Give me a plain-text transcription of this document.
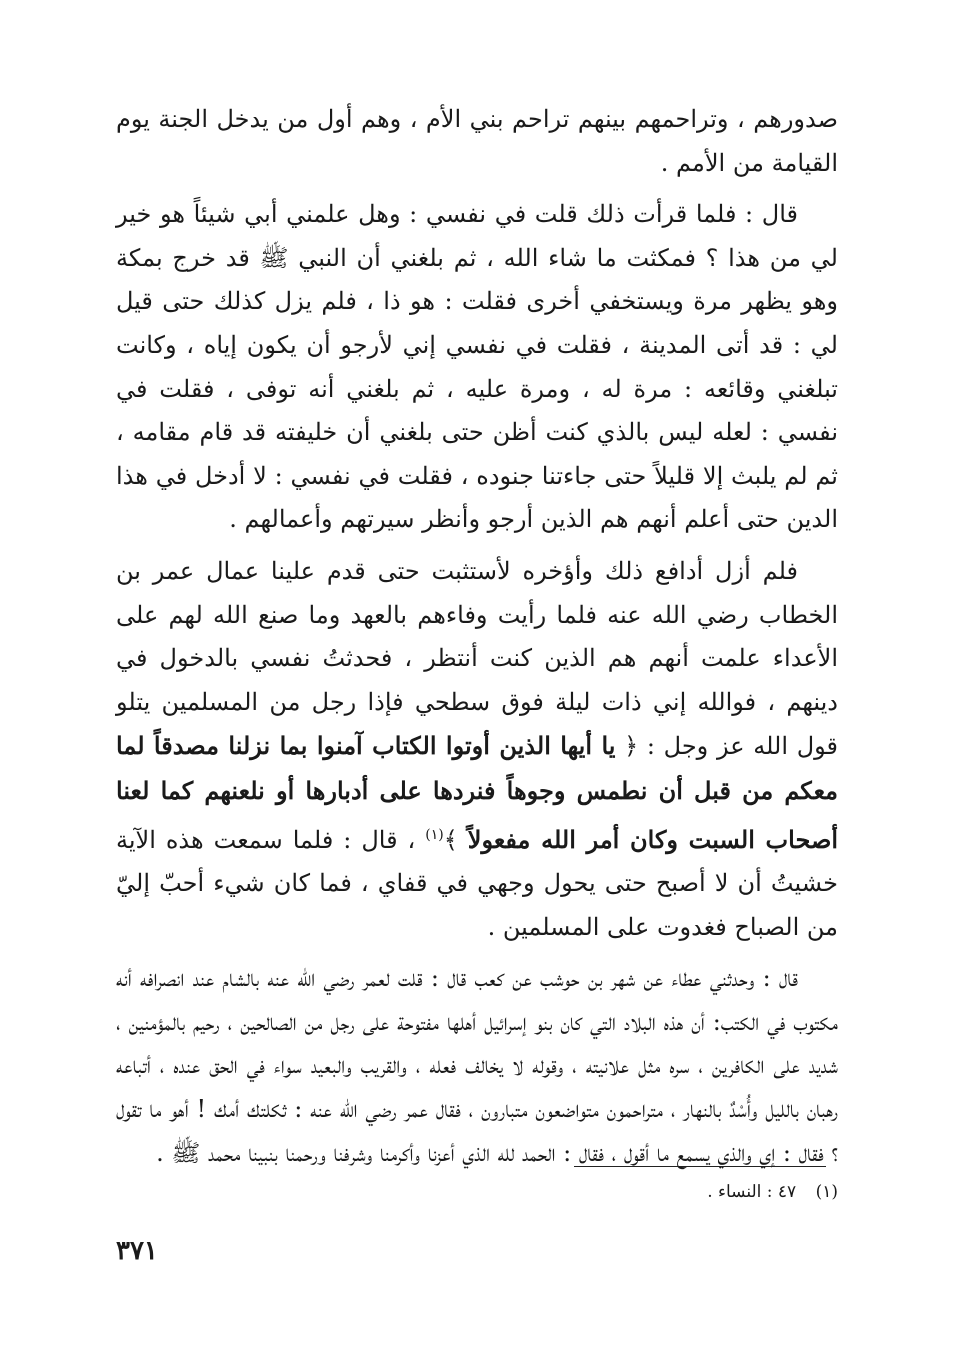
صدورهم ، وتراحمهم بينهم تراحم بني الأم ، وهم أول من يدخل الجنة يوم القيامة من الأمم .

قال : فلما قرأت ذلك قلت في نفسي : وهل علمني أبي شيئاً هو خير لي من هذا ؟ فمكثت ما شاء الله ، ثم بلغني أن النبي ﷺ قد خرج بمكة وهو يظهر مرة ويستخفي أخرى فقلت : هو ذا ، فلم يزل كذلك حتى قيل لي : قد أتى المدينة ، فقلت في نفسي إني لأرجو أن يكون إياه ، وكانت تبلغني وقائعه : مرة له ، ومرة عليه ، ثم بلغني أنه توفى ، فقلت في نفسي : لعله ليس بالذي كنت أظن حتى بلغني أن خليفته قد قام مقامه ، ثم لم يلبث إلا قليلاً حتى جاءتنا جنوده ، فقلت في نفسي : لا أدخل في هذا الدين حتى أعلم أنهم هم الذين أرجو وأنظر سيرتهم وأعمالهم .

فلم أزل أدافع ذلك وأؤخره لأستثبت حتى قدم علينا عمال عمر بن الخطاب رضي الله عنه فلما رأيت وفاءهم بالعهد وما صنع الله لهم على الأعداء علمت أنهم هم الذين كنت أنتظر ، فحدثتُ نفسي بالدخول في دينهم ، فوالله إني ذات ليلة فوق سطحي فإذا رجل من المسلمين يتلو قول الله عز وجل : ﴿ يا أيها الذين أوتوا الكتاب آمنوا بما نزلنا مصدقاً لما معكم من قبل أن نطمس وجوهاً فنردها على أدبارها أو نلعنهم كما لعنا أصحاب السبت وكان أمر الله مفعولاً ﴾$^{(١)}$ ، قال : فلما سمعت هذه الآية خشيتُ أن لا أصبح حتى يحول وجهي في قفاي ، فما كان شيء أحبّ إليّ من الصباح فغدوت على المسلمين .

قال : وحدثني عطاء عن شهر بن حوشب عن كعب قال : قلت لعمر رضي الله عنه بالشام عند انصرافه أنه مكتوب في الكتب: أن هذه البلاد التي كان بنو إسرائيل أهلها مفتوحة على رجل من الصالحين ، رحيم بالمؤمنين ، شديد على الكافرين ، سره مثل علانيته ، وقوله لا يخالف فعله ، والقريب والبعيد سواء في الحق عنده ، أتباعه رهبان بالليل وأُسْدٌ بالنهار ، متراحمون متواضعون متبارون ، فقال عمر رضي الله عنه : ثكلتك أمك ! أهو ما تقول ؟ فقال : إي والذي يسمع ما أقول ، فقال : الحمد لله الذي أعزنا وأكرمنا وشرفنا ورحمنا بنبينا محمد ﷺ .

(١) ٤٧ : النساء .
٣٧١
